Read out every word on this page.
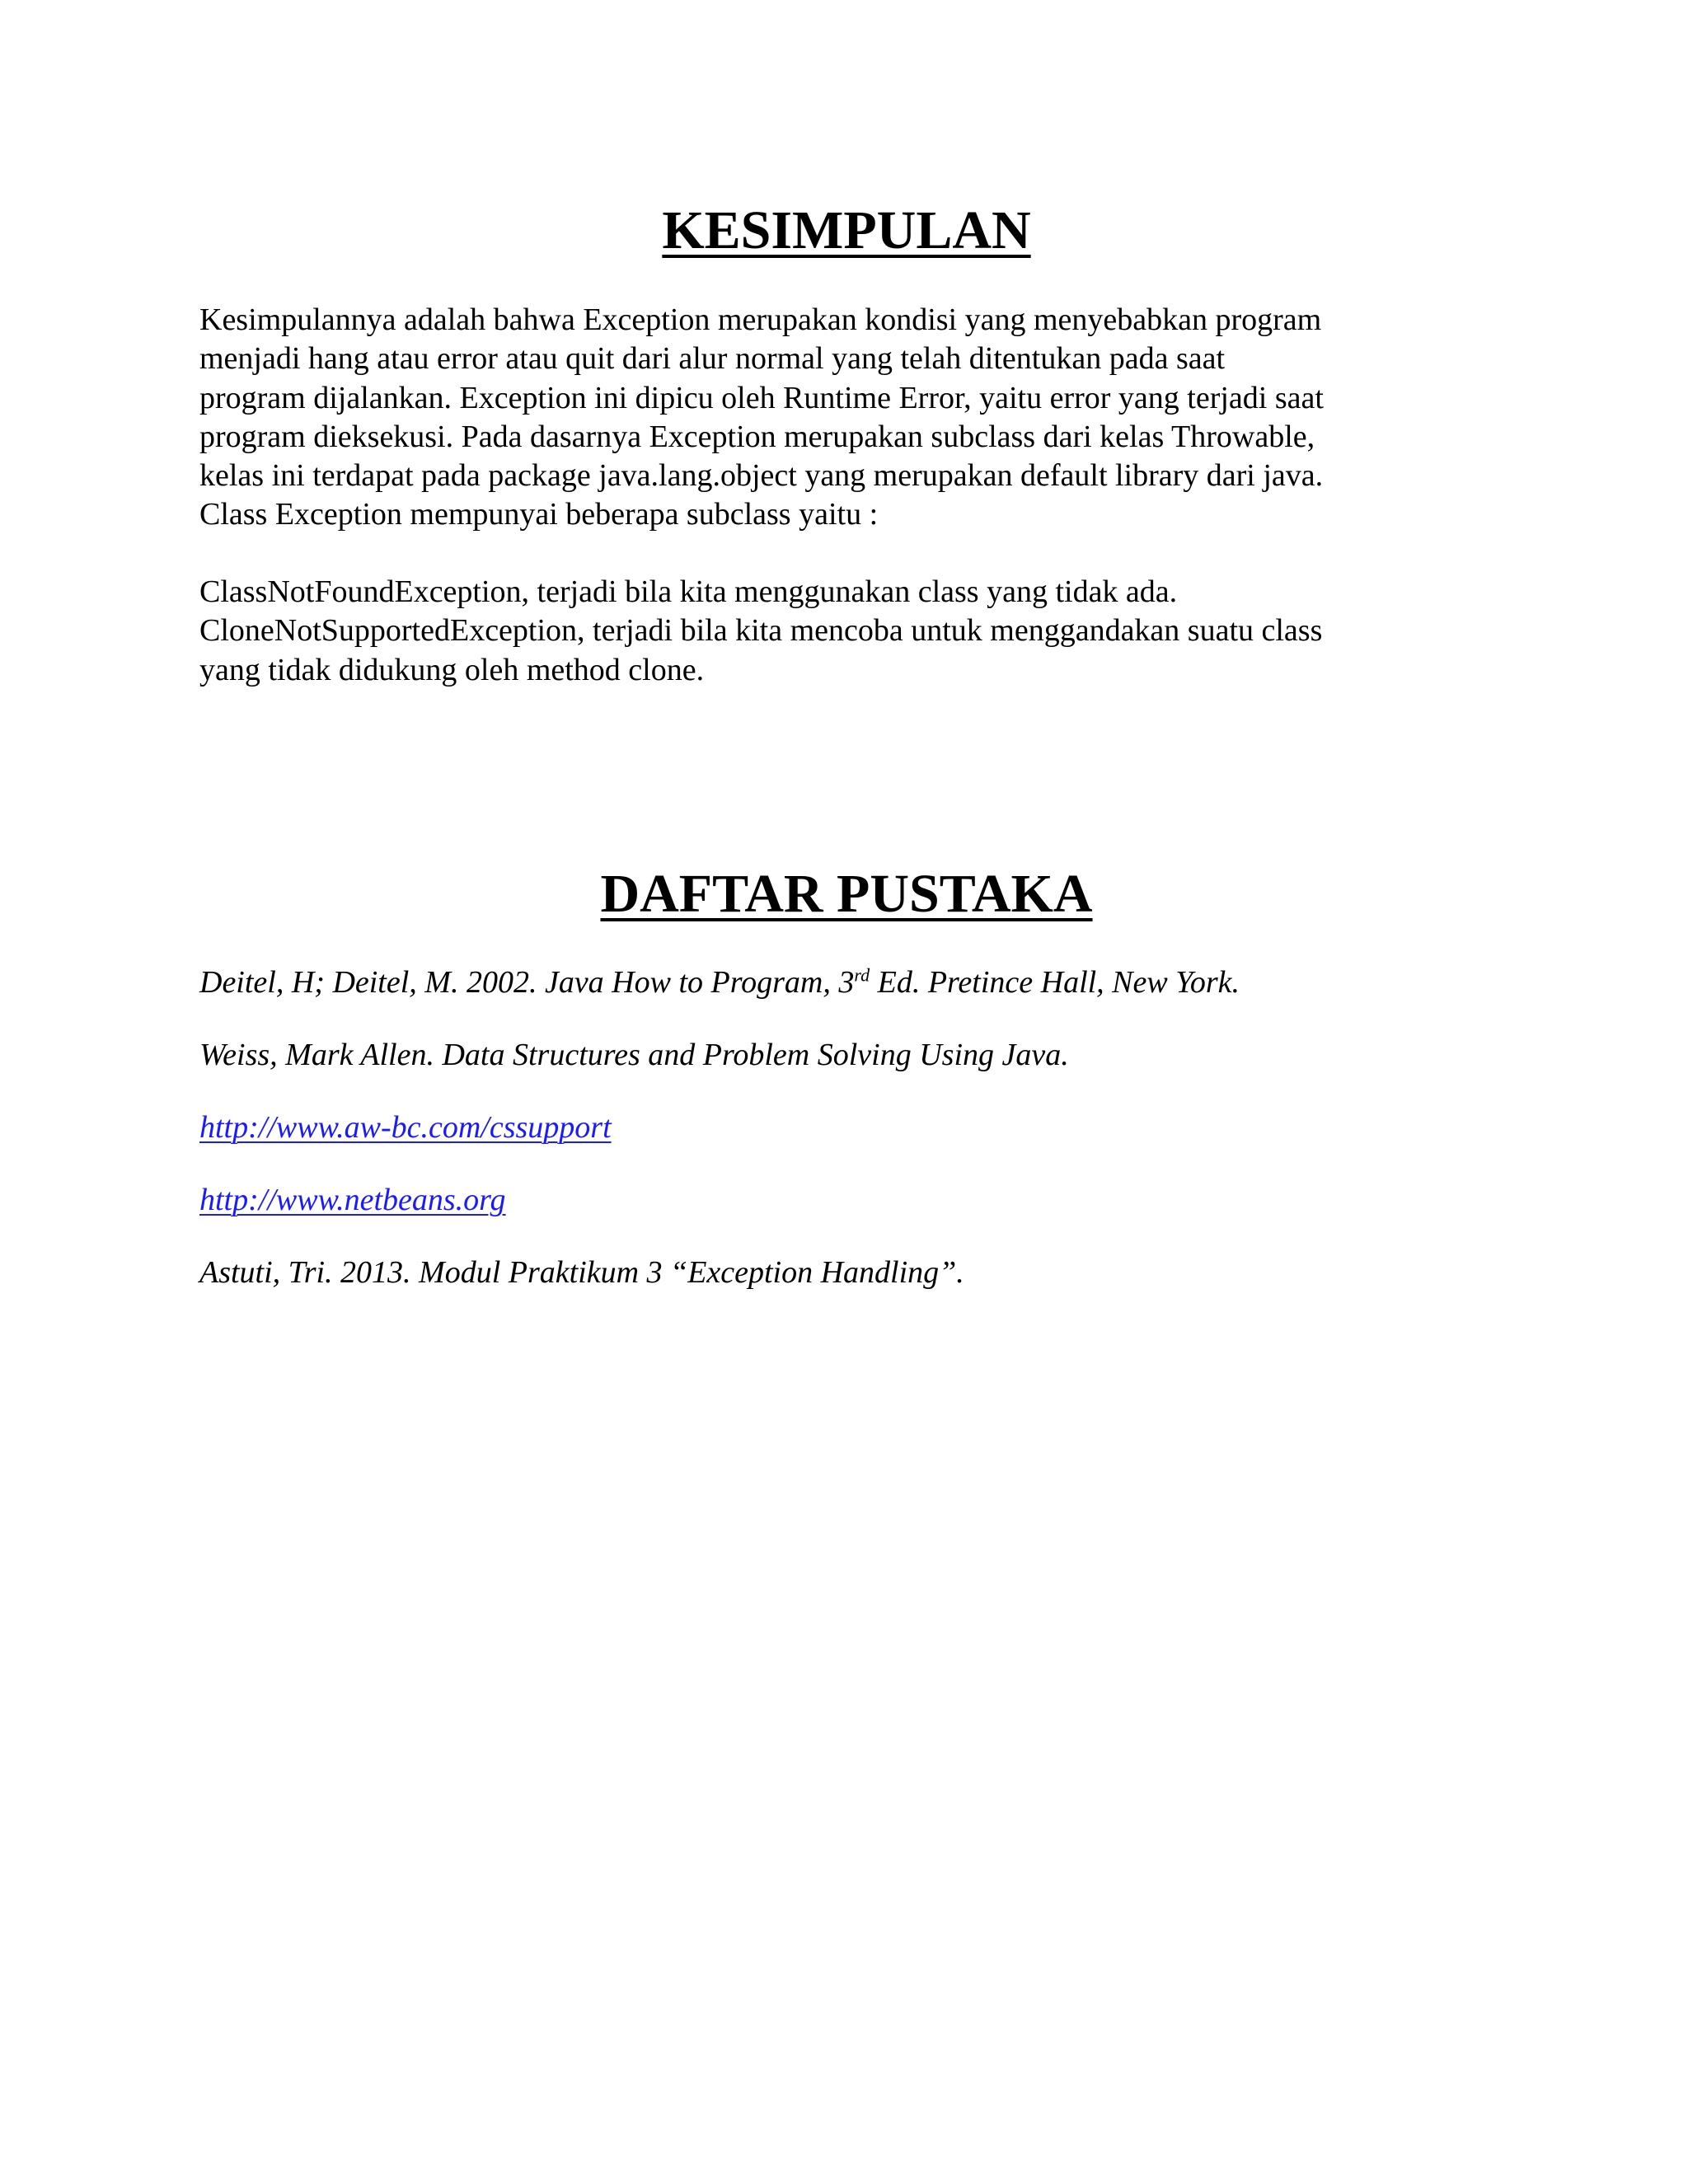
KESIMPULAN

Kesimpulannya adalah bahwa Exception merupakan kondisi yang menyebabkan program
menjadi hang atau error atau quit dari alur normal yang telah ditentukan pada saat
program dijalankan. Exception ini dipicu oleh Runtime Error, yaitu error yang terjadi saat
program dieksekusi. Pada dasarnya Exception merupakan subclass dari kelas Throwable,
kelas ini terdapat pada package java.lang.object yang merupakan default library dari java.
Class Exception mempunyai beberapa subclass yaitu :

ClassNotFoundException, terjadi bila kita menggunakan class yang tidak ada.
CloneNotSupportedException, terjadi bila kita mencoba untuk menggandakan suatu class
yang tidak didukung oleh method clone.

DAFTAR PUSTAKA
Deitel, H; Deitel, M. 2002. Java How to Program, 3rd Ed. Pretince Hall, New York.
Weiss, Mark Allen. Data Structures and Problem Solving Using Java.
http://www.aw-bc.com/cssupport
http://www.netbeans.org
Astuti, Tri. 2013. Modul Praktikum 3 “Exception Handling”.
